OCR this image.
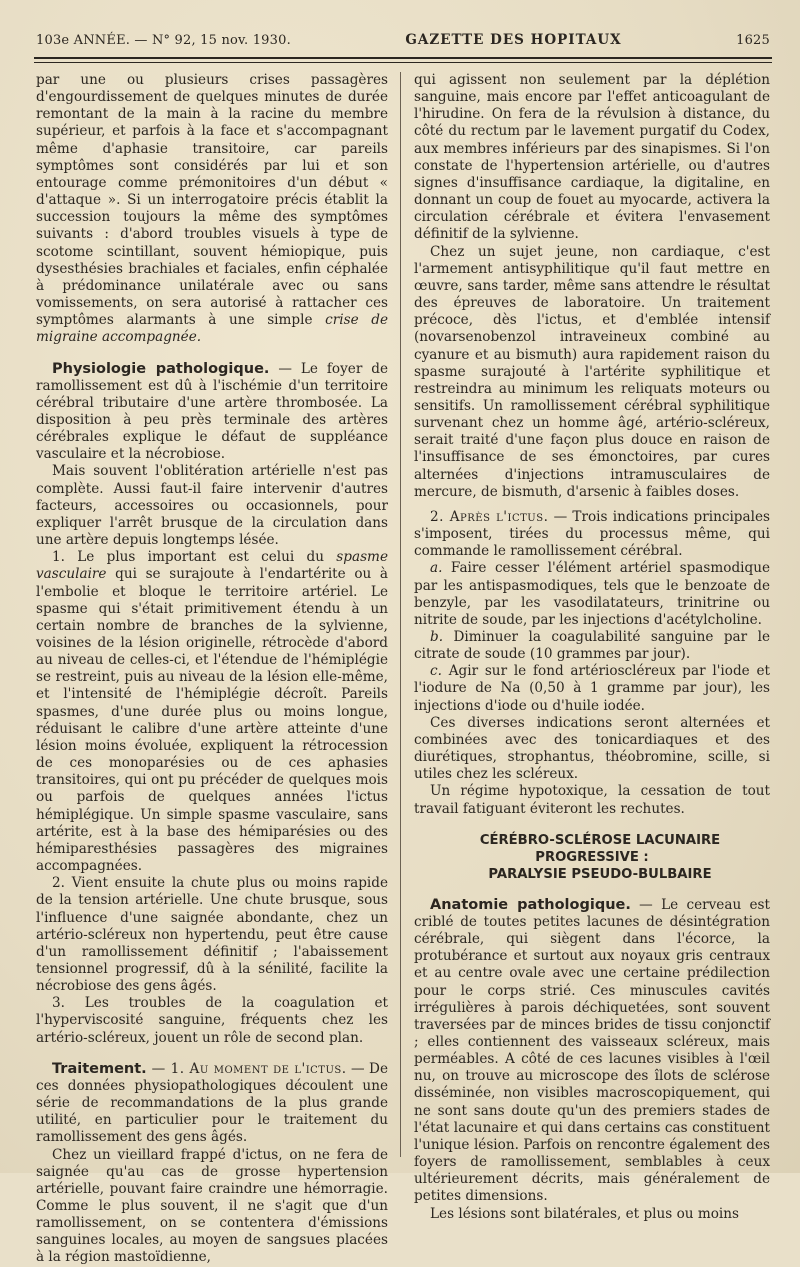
103e ANNÉE. — N° 92, 15 nov. 1930.	GAZETTE DES HOPITAUX	1625

par une ou plusieurs crises passagères d'engourdissement de quelques minutes de durée remontant de la main à la racine du membre supérieur, et parfois à la face et s'accompagnant même d'aphasie transitoire, car pareils symptômes sont considérés par lui et son entourage comme prémonitoires d'un début « d'attaque ». Si un interrogatoire précis établit la succession toujours la même des symptômes suivants : d'abord troubles visuels à type de scotome scintillant, souvent hémiopique, puis dysesthésies brachiales et faciales, enfin céphalée à prédominance unilatérale avec ou sans vomissements, on sera autorisé à rattacher ces symptômes alarmants à une simple crise de migraine accompagnée.

Physiologie pathologique. — Le foyer de ramollissement est dû à l'ischémie d'un territoire cérébral tributaire d'une artère thrombosée. La disposition à peu près terminale des artères cérébrales explique le défaut de suppléance vasculaire et la nécrobiose.

Mais souvent l'oblitération artérielle n'est pas complète. Aussi faut-il faire intervenir d'autres facteurs, accessoires ou occasionnels, pour expliquer l'arrêt brusque de la circulation dans une artère depuis longtemps lésée.

1. Le plus important est celui du spasme vasculaire qui se surajoute à l'endartérite ou à l'embolie et bloque le territoire artériel. Le spasme qui s'était primitivement étendu à un certain nombre de branches de la sylvienne, voisines de la lésion originelle, rétrocède d'abord au niveau de celles-ci, et l'étendue de l'hémiplégie se restreint, puis au niveau de la lésion elle-même, et l'intensité de l'hémiplégie décroît. Pareils spasmes, d'une durée plus ou moins longue, réduisant le calibre d'une artère atteinte d'une lésion moins évoluée, expliquent la rétrocession de ces monoparésies ou de ces aphasies transitoires, qui ont pu précéder de quelques mois ou parfois de quelques années l'ictus hémiplégique. Un simple spasme vasculaire, sans artérite, est à la base des hémiparésies ou des hémiparesthésies passagères des migraines accompagnées.

2. Vient ensuite la chute plus ou moins rapide de la tension artérielle. Une chute brusque, sous l'influence d'une saignée abondante, chez un artério-scléreux non hypertendu, peut être cause d'un ramollissement définitif ; l'abaissement tensionnel progressif, dû à la sénilité, facilite la nécrobiose des gens âgés.

3. Les troubles de la coagulation et l'hyperviscosité sanguine, fréquents chez les artério-scléreux, jouent un rôle de second plan.

Traitement. — 1. Au moment de l'ictus. — De ces données physiopathologiques découlent une série de recommandations de la plus grande utilité, en particulier pour le traitement du ramollissement des gens âgés.

Chez un vieillard frappé d'ictus, on ne fera de saignée qu'au cas de grosse hypertension artérielle, pouvant faire craindre une hémorragie. Comme le plus souvent, il ne s'agit que d'un ramollissement, on se contentera d'émissions sanguines locales, au moyen de sangsues placées à la région mastoïdienne,

qui agissent non seulement par la déplétion sanguine, mais encore par l'effet anticoagulant de l'hirudine. On fera de la révulsion à distance, du côté du rectum par le lavement purgatif du Codex, aux membres inférieurs par des sinapismes. Si l'on constate de l'hypertension artérielle, ou d'autres signes d'insuffisance cardiaque, la digitaline, en donnant un coup de fouet au myocarde, activera la circulation cérébrale et évitera l'envasement définitif de la sylvienne.

Chez un sujet jeune, non cardiaque, c'est l'armement antisyphilitique qu'il faut mettre en œuvre, sans tarder, même sans attendre le résultat des épreuves de laboratoire. Un traitement précoce, dès l'ictus, et d'emblée intensif (novarsenobenzol intraveineux combiné au cyanure et au bismuth) aura rapidement raison du spasme surajouté à l'artérite syphilitique et restreindra au minimum les reliquats moteurs ou sensitifs. Un ramollissement cérébral syphilitique survenant chez un homme âgé, artério-scléreux, serait traité d'une façon plus douce en raison de l'insuffisance de ses émonctoires, par cures alternées d'injections intramusculaires de mercure, de bismuth, d'arsenic à faibles doses.

2. Après l'ictus. — Trois indications principales s'imposent, tirées du processus même, qui commande le ramollissement cérébral.

a. Faire cesser l'élément artériel spasmodique par les antispasmodiques, tels que le benzoate de benzyle, par les vasodilatateurs, trinitrine ou nitrite de soude, par les injections d'acétylcholine.

b. Diminuer la coagulabilité sanguine par le citrate de soude (10 grammes par jour).

c. Agir sur le fond artérioscléreux par l'iode et l'iodure de Na (0,50 à 1 gramme par jour), les injections d'iode ou d'huile iodée.

Ces diverses indications seront alternées et combinées avec des tonicardiaques et des diurétiques, strophantus, théobromine, scille, si utiles chez les scléreux.

Un régime hypotoxique, la cessation de tout travail fatiguant éviteront les rechutes.

CÉRÉBRO-SCLÉROSE LACUNAIRE PROGRESSIVE :

PARALYSIE PSEUDO-BULBAIRE

Anatomie pathologique. — Le cerveau est criblé de toutes petites lacunes de désintégration cérébrale, qui siègent dans l'écorce, la protubérance et surtout aux noyaux gris centraux et au centre ovale avec une certaine prédilection pour le corps strié. Ces minuscules cavités irrégulières à parois déchiquetées, sont souvent traversées par de minces brides de tissu conjonctif ; elles contiennent des vaisseaux scléreux, mais perméables. A côté de ces lacunes visibles à l'œil nu, on trouve au microscope des îlots de sclérose disséminée, non visibles macroscopiquement, qui ne sont sans doute qu'un des premiers stades de l'état lacunaire et qui dans certains cas constituent l'unique lésion. Parfois on rencontre également des foyers de ramollissement, semblables à ceux ultérieurement décrits, mais généralement de petites dimensions.

Les lésions sont bilatérales, et plus ou moins
